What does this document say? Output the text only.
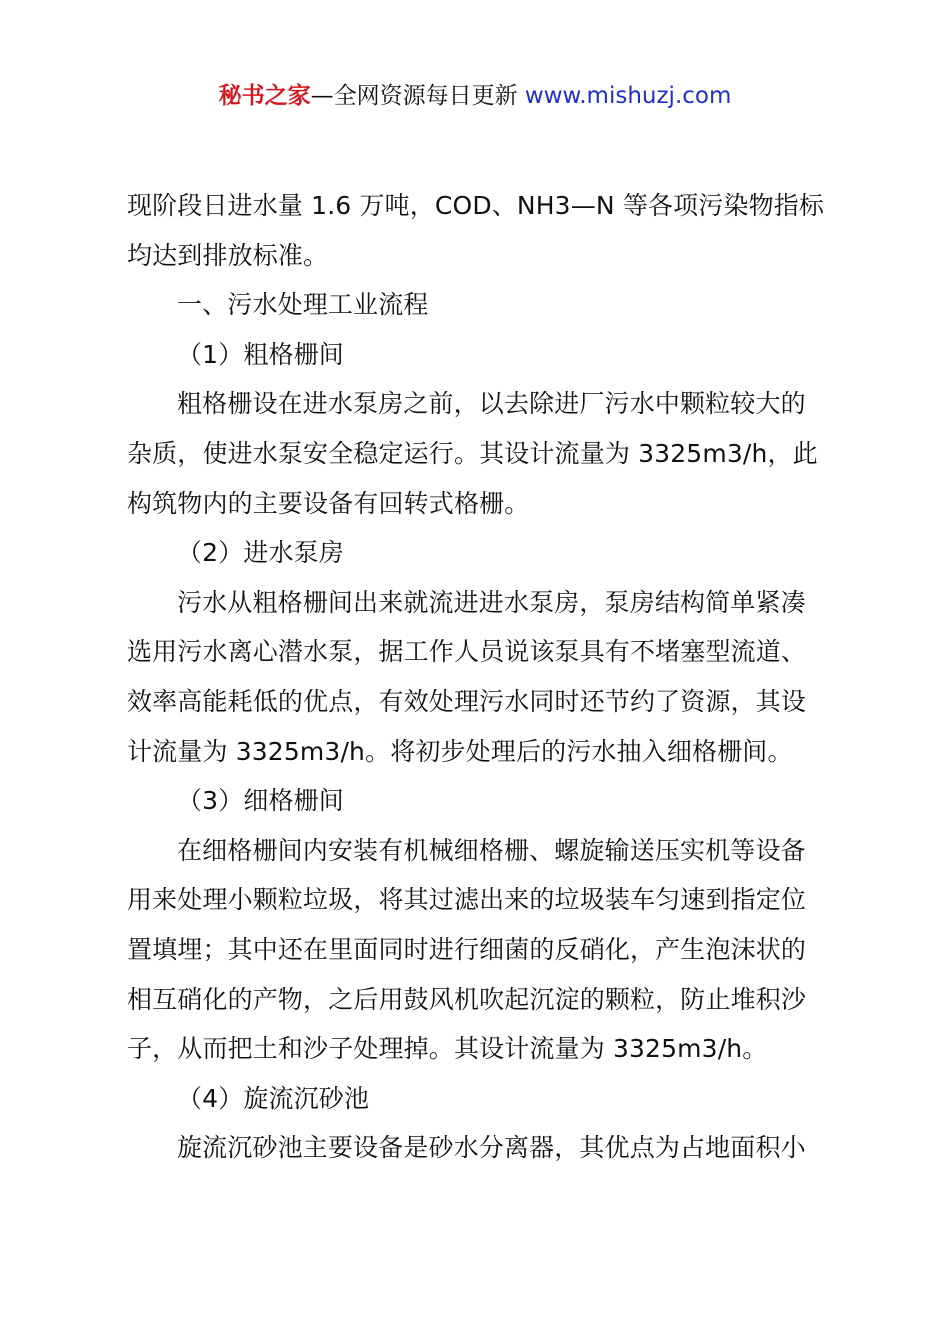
秘书之家—全网资源每日更新 www.mishuzj.com
现阶段日进水量 1.6 万吨，COD、NH3—N 等各项污染物指标
均达到排放标准。
一、污水处理工业流程
（1）粗格栅间
粗格栅设在进水泵房之前，以去除进厂污水中颗粒较大的
杂质，使进水泵安全稳定运行。其设计流量为 3325m3/h，此
构筑物内的主要设备有回转式格栅。
（2）进水泵房
污水从粗格栅间出来就流进进水泵房，泵房结构简单紧凑
选用污水离心潜水泵，据工作人员说该泵具有不堵塞型流道、
效率高能耗低的优点，有效处理污水同时还节约了资源，其设
计流量为 3325m3/h。将初步处理后的污水抽入细格栅间。
（3）细格栅间
在细格栅间内安装有机械细格栅、螺旋输送压实机等设备
用来处理小颗粒垃圾，将其过滤出来的垃圾装车匀速到指定位
置填埋；其中还在里面同时进行细菌的反硝化，产生泡沫状的
相互硝化的产物，之后用鼓风机吹起沉淀的颗粒，防止堆积沙
子，从而把土和沙子处理掉。其设计流量为 3325m3/h。
（4）旋流沉砂池
旋流沉砂池主要设备是砂水分离器，其优点为占地面积小
